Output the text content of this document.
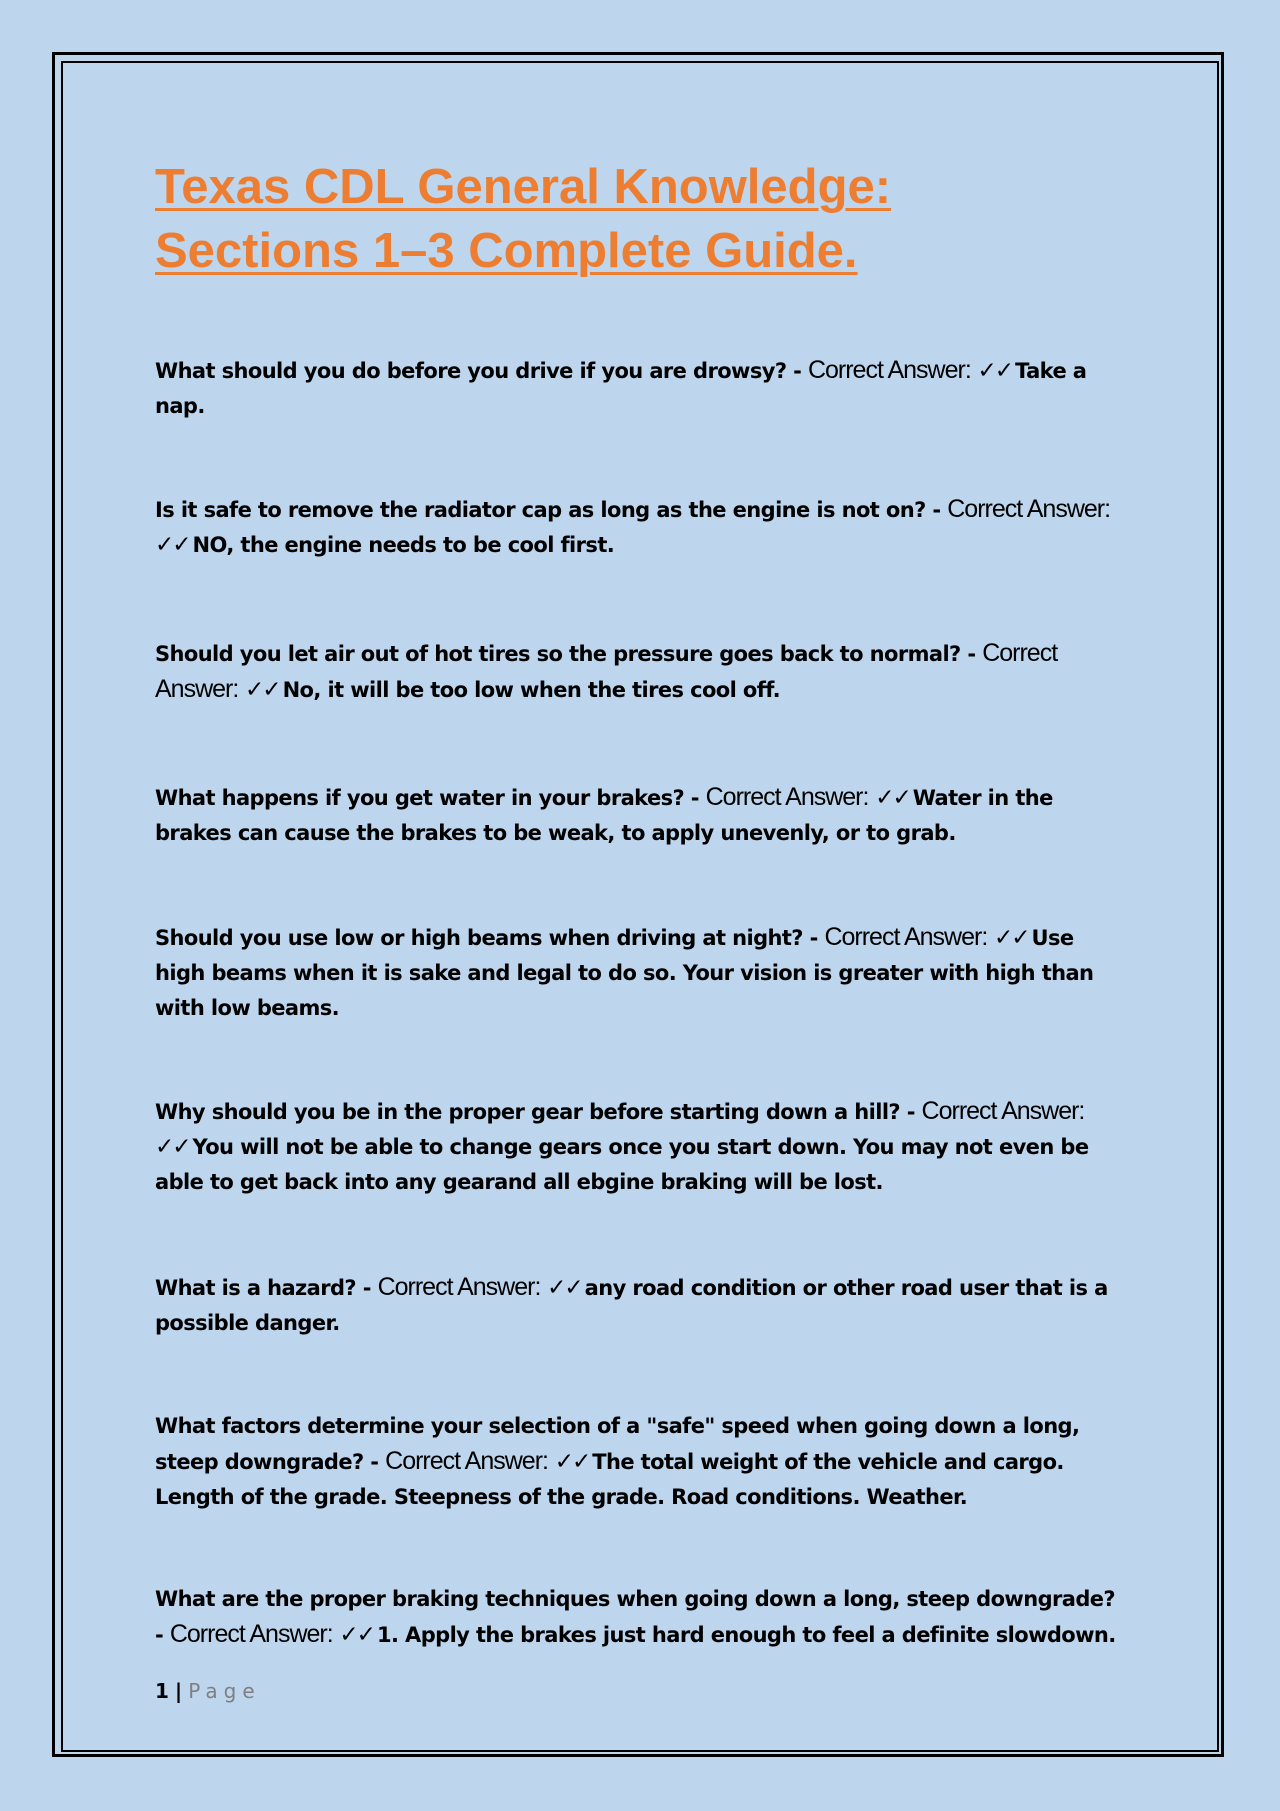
Texas CDL General Knowledge:
Sections 1–3 Complete Guide.

What should you do before you drive if you are drowsy? - Correct Answer: ✓✓ Take a nap.

Is it safe to remove the radiator cap as long as the engine is not on? - Correct Answer: ✓✓ NO, the engine needs to be cool first.

Should you let air out of hot tires so the pressure goes back to normal? - Correct Answer: ✓✓ No, it will be too low when the tires cool off.

What happens if you get water in your brakes? - Correct Answer: ✓✓ Water in the brakes can cause the brakes to be weak, to apply unevenly, or to grab.

Should you use low or high beams when driving at night? - Correct Answer: ✓✓ Use high beams when it is sake and legal to do so. Your vision is greater with high than with low beams.

Why should you be in the proper gear before starting down a hill? - Correct Answer: ✓✓ You will not be able to change gears once you start down. You may not even be able to get back into any gearand all ebgine braking will be lost.

What is a hazard? - Correct Answer: ✓✓ any road condition or other road user that is a possible danger.

What factors determine your selection of a "safe" speed when going down a long, steep downgrade? - Correct Answer: ✓✓ The total weight of the vehicle and cargo. Length of the grade. Steepness of the grade. Road conditions. Weather.

What are the proper braking techniques when going down a long, steep downgrade? - Correct Answer: ✓✓ 1. Apply the brakes just hard enough to feel a definite slowdown.

1 | Page
